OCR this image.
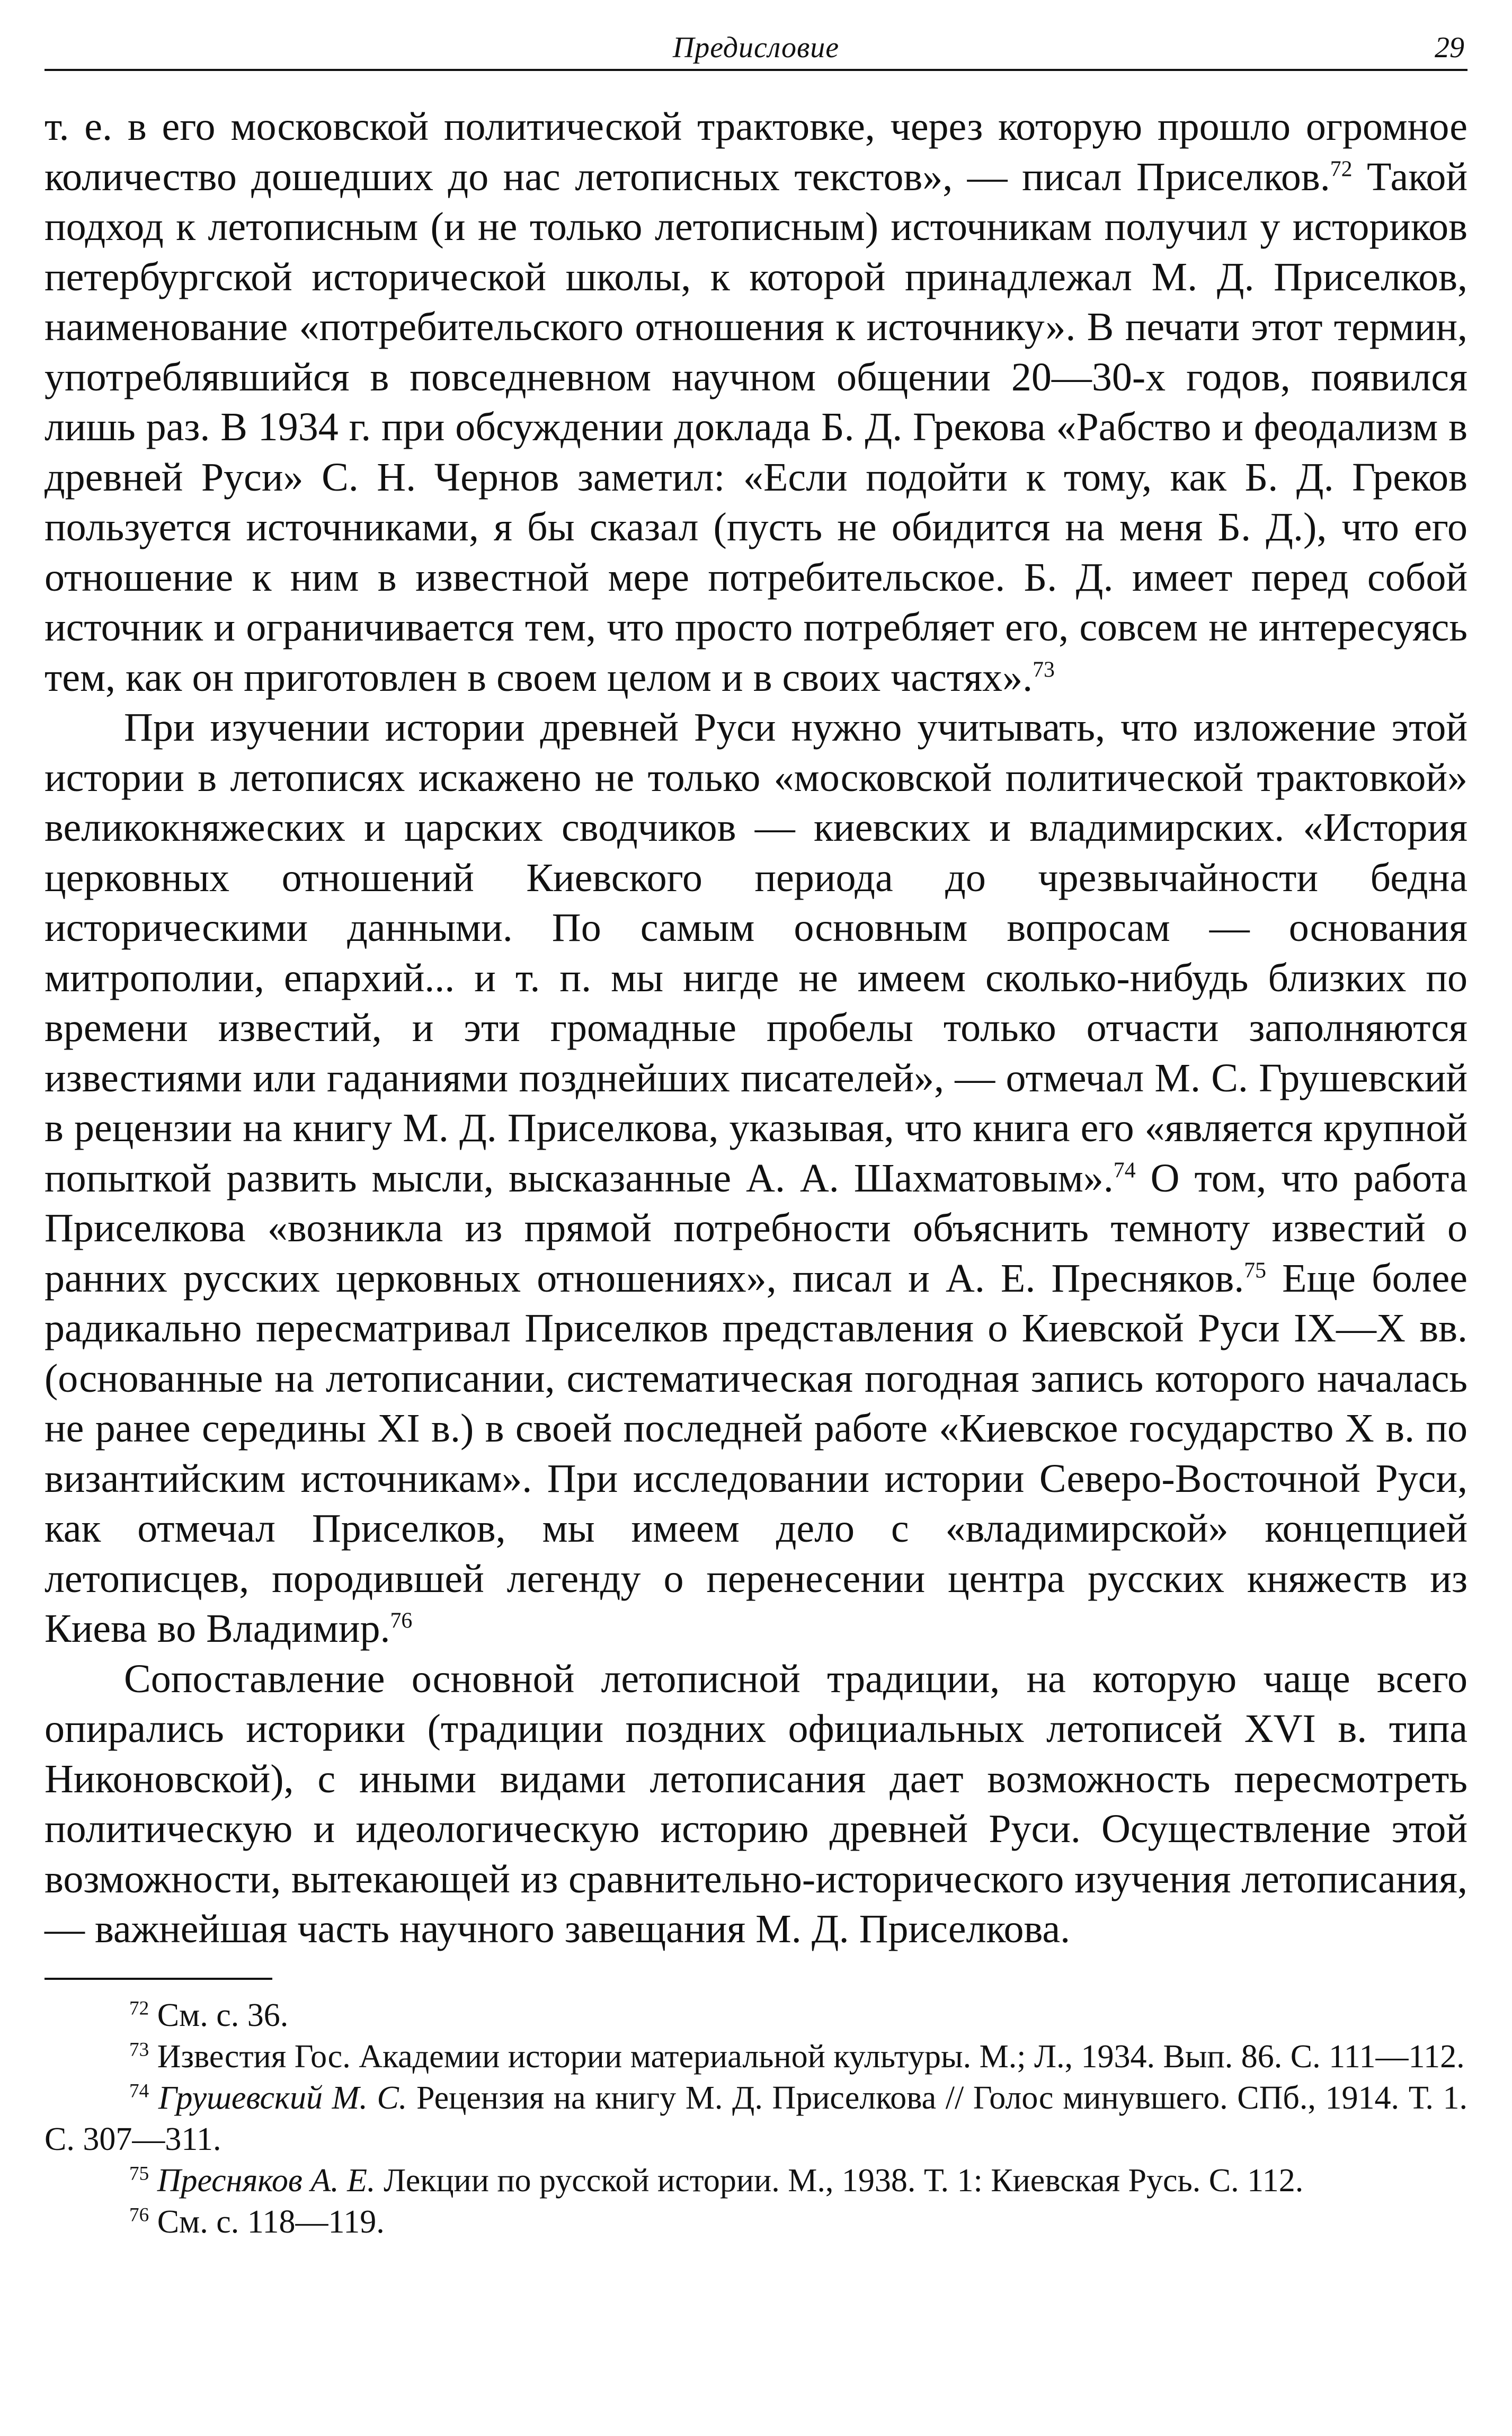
Предисловие	29

т. е. в его московской политической трактовке, через которую прошло огромное количество дошедших до нас летописных текстов», — писал Приселков.$^{72}$ Такой подход к летописным (и не только летописным) источникам получил у историков петербургской исторической школы, к которой принадлежал М. Д. Приселков, наименование «потребительского отношения к источнику». В печати этот термин, употреблявшийся в повседневном научном общении 20—30-х годов, появился лишь раз. В 1934 г. при обсуждении доклада Б. Д. Грекова «Рабство и феодализм в древней Руси» С. Н. Чернов заметил: «Если подойти к тому, как Б. Д. Греков пользуется источниками, я бы сказал (пусть не обидится на меня Б. Д.), что его отношение к ним в известной мере потребительское. Б. Д. имеет перед собой источник и ограничивается тем, что просто потребляет его, совсем не интересуясь тем, как он приготовлен в своем целом и в своих частях».$^{73}$

При изучении истории древней Руси нужно учитывать, что изложение этой истории в летописях искажено не только «московской политической трактовкой» великокняжеских и царских сводчиков — киевских и владимирских. «История церковных отношений Киевского периода до чрезвычайности бедна историческими данными. По самым основным вопросам — основания митрополии, епархий... и т. п. мы нигде не имеем сколько-нибудь близких по времени известий, и эти громадные пробелы только отчасти заполняются известиями или гаданиями позднейших писателей», — отмечал М. С. Грушевский в рецензии на книгу М. Д. Приселкова, указывая, что книга его «является крупной попыткой развить мысли, высказанные А. А. Шахматовым».$^{74}$ О том, что работа Приселкова «возникла из прямой потребности объяснить темноту известий о ранних русских церковных отношениях», писал и А. Е. Пресняков.$^{75}$ Еще более радикально пересматривал Приселков представления о Киевской Руси IX—X вв. (основанные на летописании, систематическая погодная запись которого началась не ранее середины XI в.) в своей последней работе «Киевское государство X в. по византийским источникам». При исследовании истории Северо-Восточной Руси, как отмечал Приселков, мы имеем дело с «владимирской» концепцией летописцев, породившей легенду о перенесении центра русских княжеств из Киева во Владимир.$^{76}$

Сопоставление основной летописной традиции, на которую чаще всего опирались историки (традиции поздних официальных летописей XVI в. типа Никоновской), с иными видами летописания дает возможность пересмотреть политическую и идеологическую историю древней Руси. Осуществление этой возможности, вытекающей из сравнительно-исторического изучения летописания, — важнейшая часть научного завещания М. Д. Приселкова.

$^{72}$ См. с. 36.

$^{73}$ Известия Гос. Академии истории материальной культуры. М.; Л., 1934. Вып. 86. С. 111—112.

$^{74}$ Грушевский М. С. Рецензия на книгу М. Д. Приселкова // Голос минувшего. СПб., 1914. Т. 1. С. 307—311.

$^{75}$ Пресняков А. Е. Лекции по русской истории. М., 1938. Т. 1: Киевская Русь. С. 112.

$^{76}$ См. с. 118—119.
